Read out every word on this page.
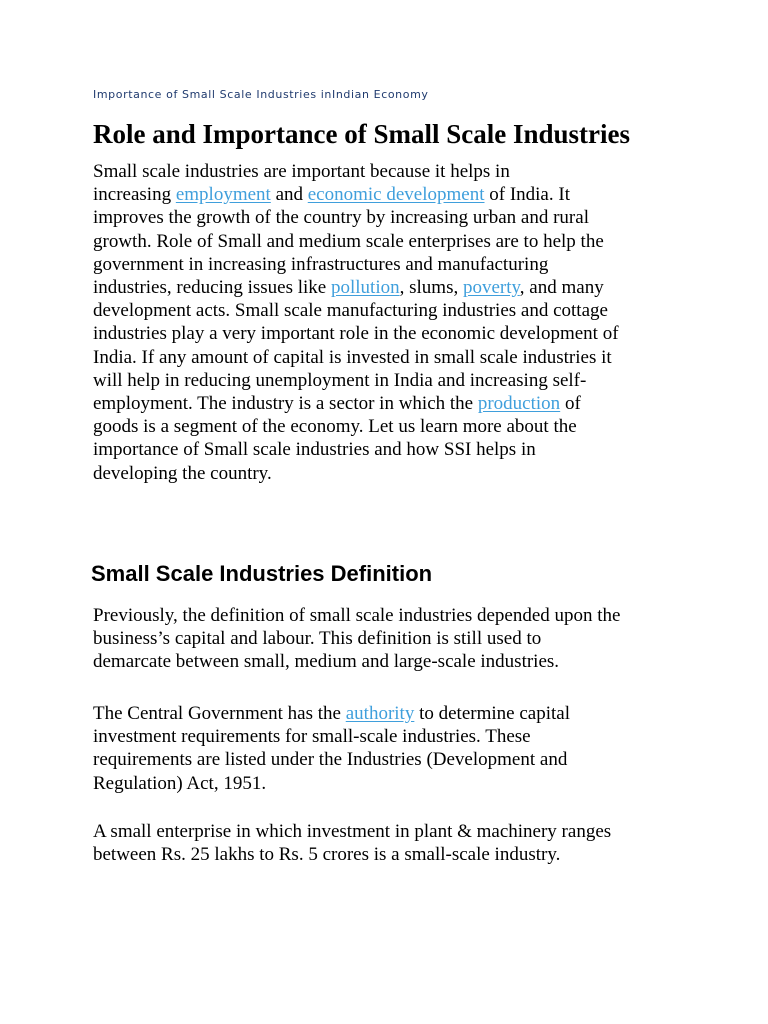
Importance of Small Scale Industries inIndian Economy
Role and Importance of Small Scale Industries

Small scale industries are important because it helps in
increasing employment and economic development of India. It
improves the growth of the country by increasing urban and rural
growth. Role of Small and medium scale enterprises are to help the
government in increasing infrastructures and manufacturing
industries, reducing issues like pollution, slums, poverty, and many
development acts. Small scale manufacturing industries and cottage
industries play a very important role in the economic development of
India. If any amount of capital is invested in small scale industries it
will help in reducing unemployment in India and increasing self-
employment. The industry is a sector in which the production of
goods is a segment of the economy. Let us learn more about the
importance of Small scale industries and how SSI helps in
developing the country.

Small Scale Industries Definition

Previously, the definition of small scale industries depended upon the
business’s capital and labour. This definition is still used to
demarcate between small, medium and large-scale industries.

The Central Government has the authority to determine capital
investment requirements for small-scale industries. These
requirements are listed under the Industries (Development and
Regulation) Act, 1951.

A small enterprise in which investment in plant & machinery ranges
between Rs. 25 lakhs to Rs. 5 crores is a small-scale industry.
